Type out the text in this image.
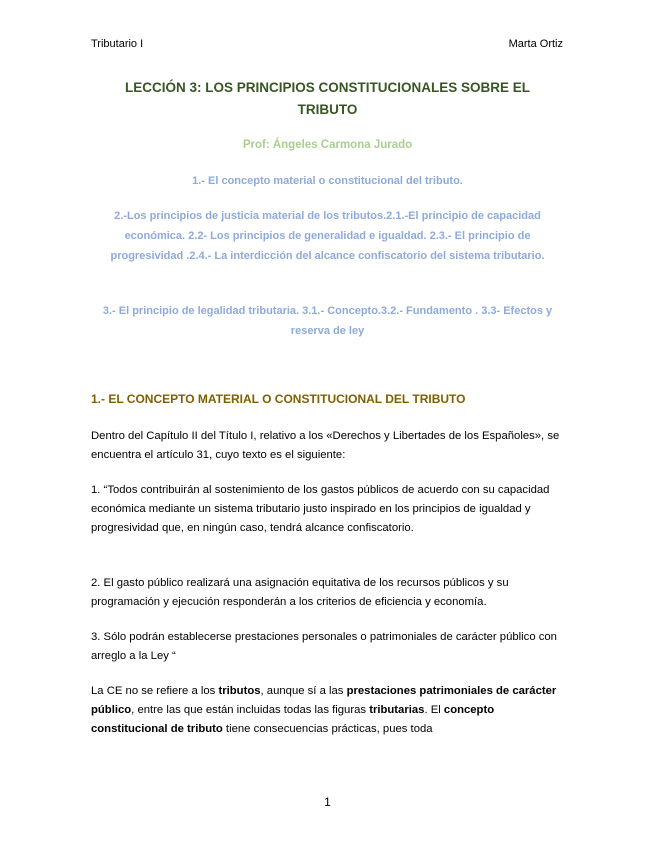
Tributario I	Marta Ortiz
LECCIÓN 3: LOS PRINCIPIOS CONSTITUCIONALES SOBRE EL TRIBUTO
Prof: Ángeles Carmona Jurado
1.- El concepto material o constitucional del tributo.
2.-Los principios de justicia material de los tributos.2.1.-El principio de capacidad económica. 2.2- Los principios de generalidad e igualdad. 2.3.- El principio de progresividad .2.4.- La interdicción del alcance confiscatorio del sistema tributario.
3.- El principio de legalidad tributaria. 3.1.- Concepto.3.2.- Fundamento . 3.3- Efectos y reserva de ley
1.- EL CONCEPTO MATERIAL O CONSTITUCIONAL DEL TRIBUTO
Dentro del Capítulo II del Título I, relativo a los «Derechos y Libertades de los Españoles», se encuentra el artículo 31, cuyo texto es el siguiente:
1. “Todos contribuirán al sostenimiento de los gastos públicos de acuerdo con su capacidad económica mediante un sistema tributario justo inspirado en los principios de igualdad y progresividad que, en ningún caso, tendrá alcance confiscatorio.
2. El gasto público realizará una asignación equitativa de los recursos públicos y su programación y ejecución responderán a los criterios de eficiencia y economía.
3. Sólo podrán establecerse prestaciones personales o patrimoniales de carácter público con arreglo a la Ley “
La CE no se refiere a los tributos, aunque sí a las prestaciones patrimoniales de carácter público, entre las que están incluidas todas las figuras tributarias. El concepto constitucional de tributo tiene consecuencias prácticas, pues toda
1
